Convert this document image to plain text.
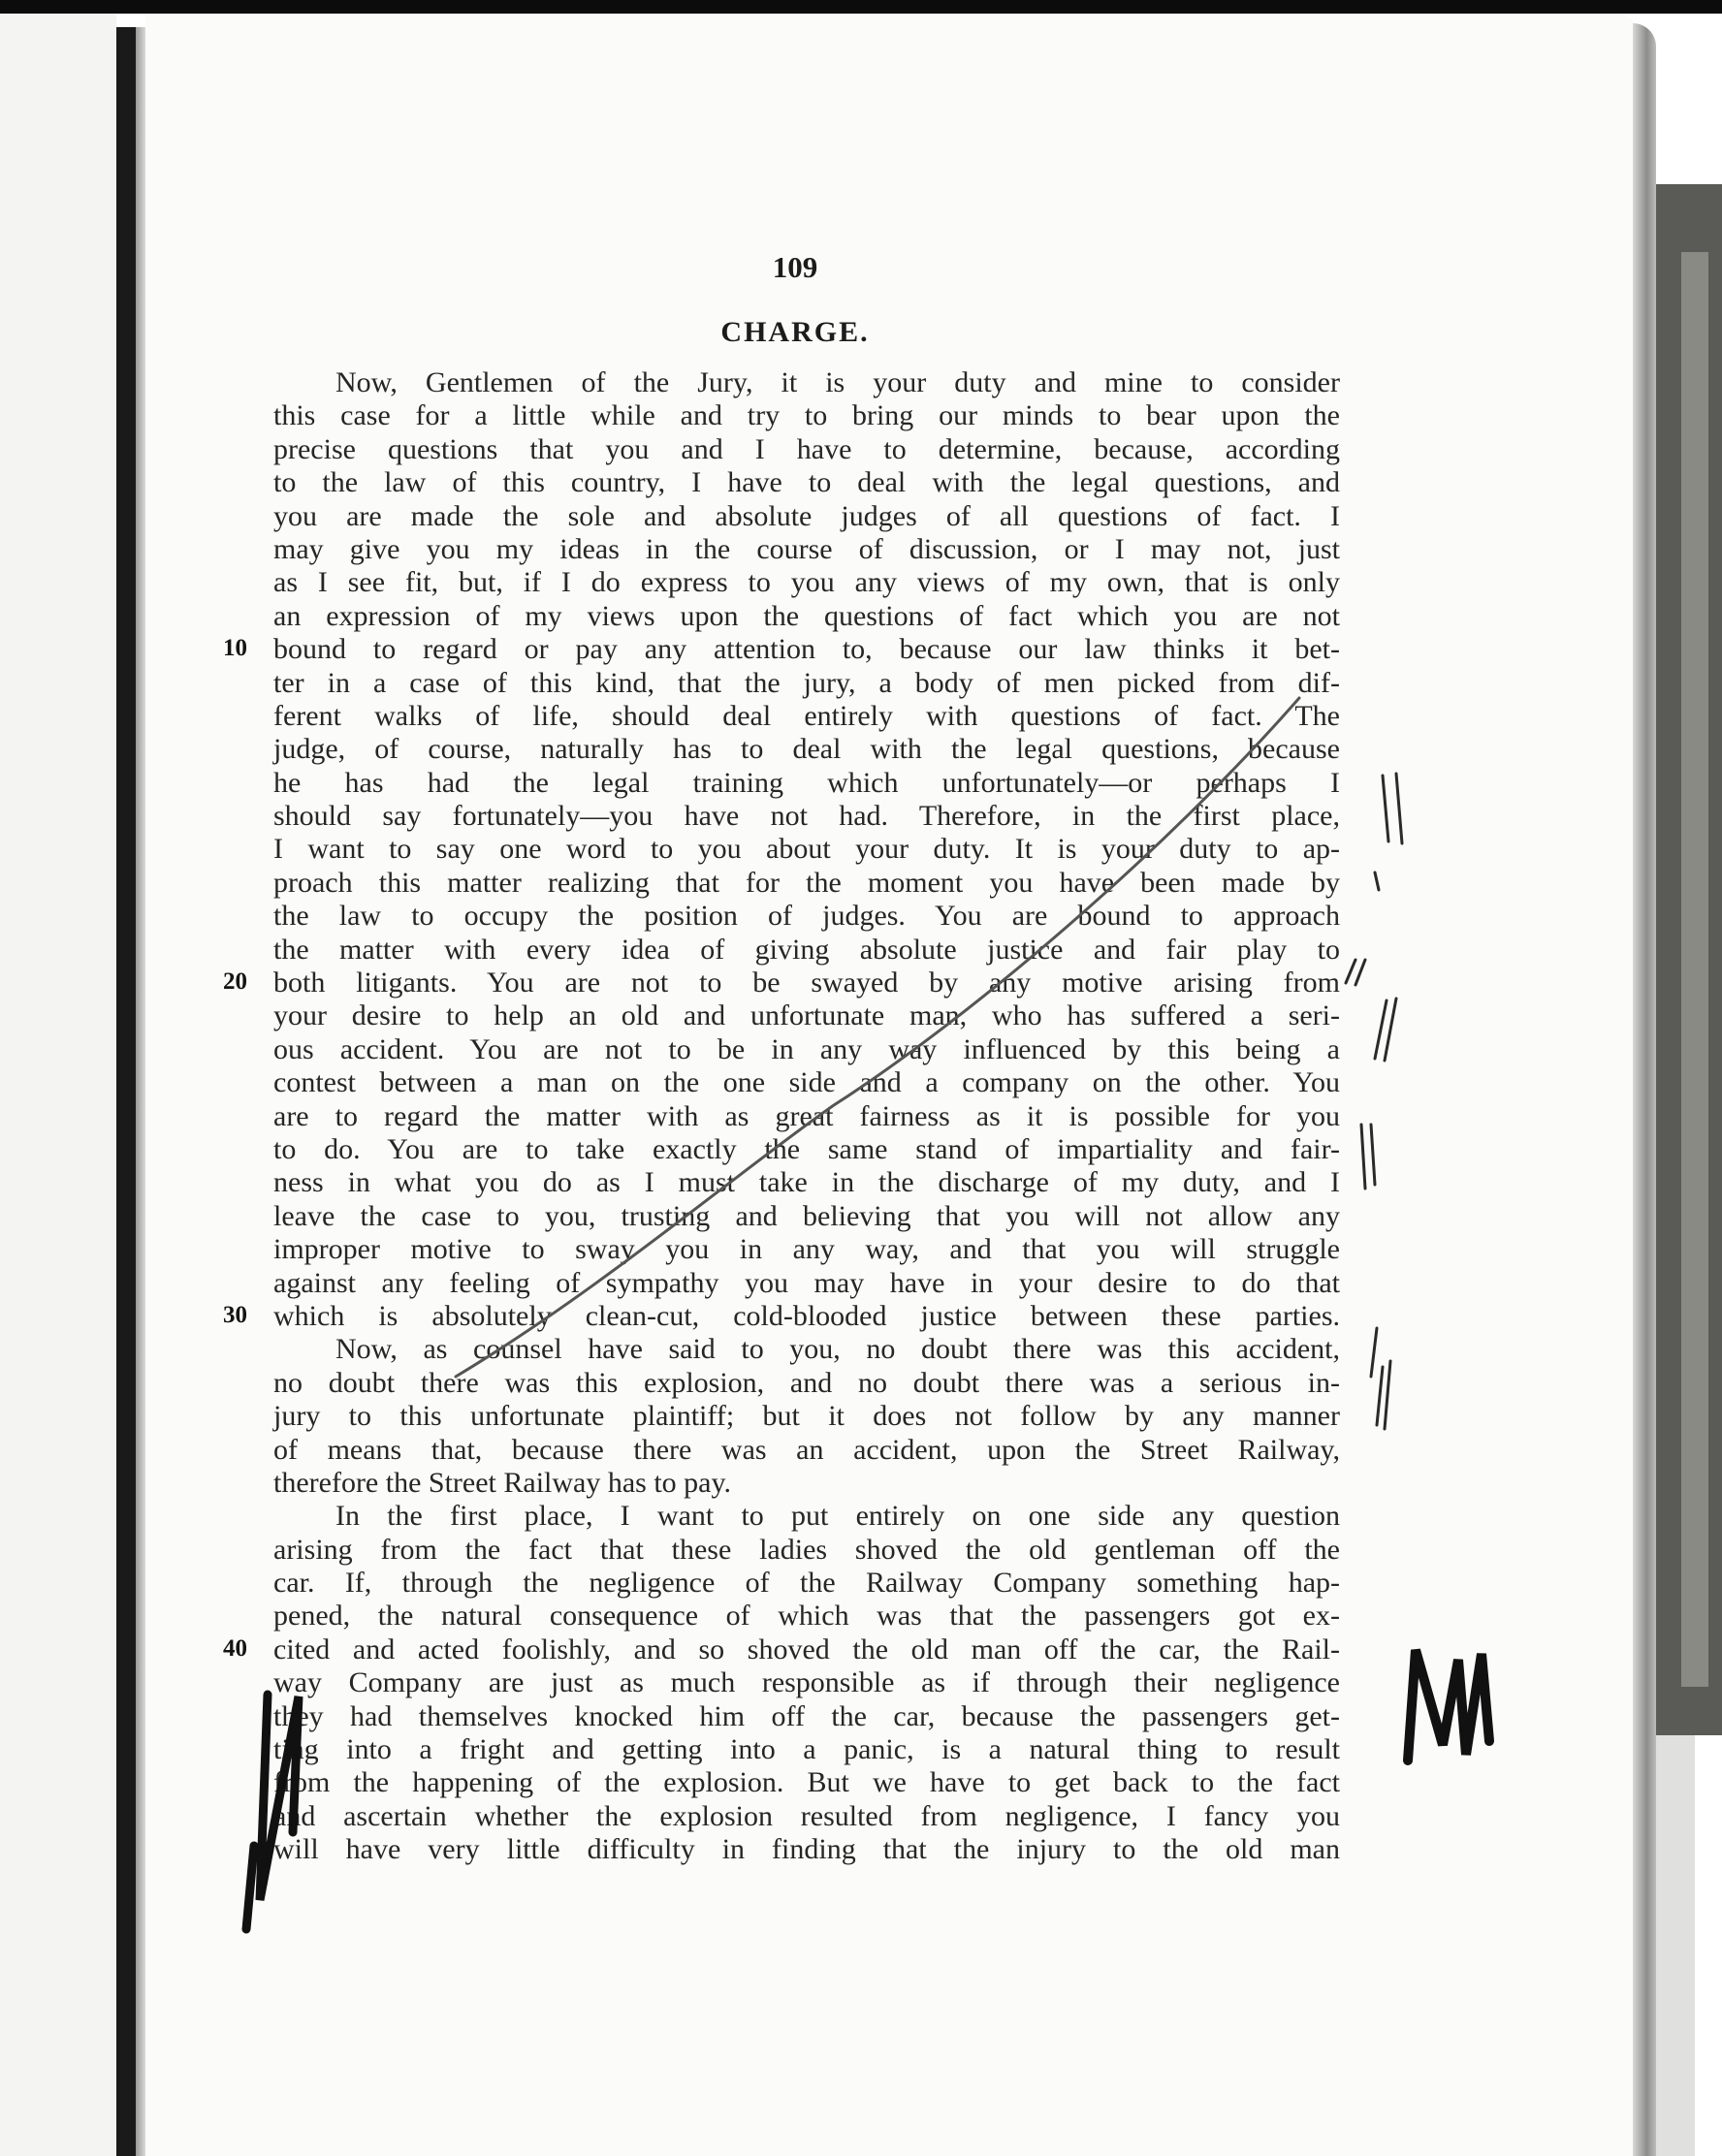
109
CHARGE.
Now, Gentlemen of the Jury, it is your duty and mine to consider
this case for a little while and try to bring our minds to bear upon the
precise questions that you and I have to determine, because, according
to the law of this country, I have to deal with the legal questions, and
you are made the sole and absolute judges of all questions of fact. I
may give you my ideas in the course of discussion, or I may not, just
as I see fit, but, if I do express to you any views of my own, that is only
an expression of my views upon the questions of fact which you are not
bound to regard or pay any attention to, because our law thinks it bet-
ter in a case of this kind, that the jury, a body of men picked from dif-
ferent walks of life, should deal entirely with questions of fact. The
judge, of course, naturally has to deal with the legal questions, because
he has had the legal training which unfortunately—or perhaps I
should say fortunately—you have not had. Therefore, in the first place,
I want to say one word to you about your duty. It is your duty to ap-
proach this matter realizing that for the moment you have been made by
the law to occupy the position of judges. You are bound to approach
the matter with every idea of giving absolute justice and fair play to
both litigants. You are not to be swayed by any motive arising from
your desire to help an old and unfortunate man, who has suffered a seri-
ous accident. You are not to be in any way influenced by this being a
contest between a man on the one side and a company on the other. You
are to regard the matter with as great fairness as it is possible for you
to do. You are to take exactly the same stand of impartiality and fair-
ness in what you do as I must take in the discharge of my duty, and I
leave the case to you, trusting and believing that you will not allow any
improper motive to sway you in any way, and that you will struggle
against any feeling of sympathy you may have in your desire to do that
which is absolutely clean-cut, cold-blooded justice between these parties.
Now, as counsel have said to you, no doubt there was this accident,
no doubt there was this explosion, and no doubt there was a serious in-
jury to this unfortunate plaintiff; but it does not follow by any manner
of means that, because there was an accident, upon the Street Railway,
therefore the Street Railway has to pay.
In the first place, I want to put entirely on one side any question
arising from the fact that these ladies shoved the old gentleman off the
car. If, through the negligence of the Railway Company something hap-
pened, the natural consequence of which was that the passengers got ex-
cited and acted foolishly, and so shoved the old man off the car, the Rail-
way Company are just as much responsible as if through their negligence
they had themselves knocked him off the car, because the passengers get-
ting into a fright and getting into a panic, is a natural thing to result
from the happening of the explosion. But we have to get back to the fact
and ascertain whether the explosion resulted from negligence, I fancy you
will have very little difficulty in finding that the injury to the old man
10
20
30
40
